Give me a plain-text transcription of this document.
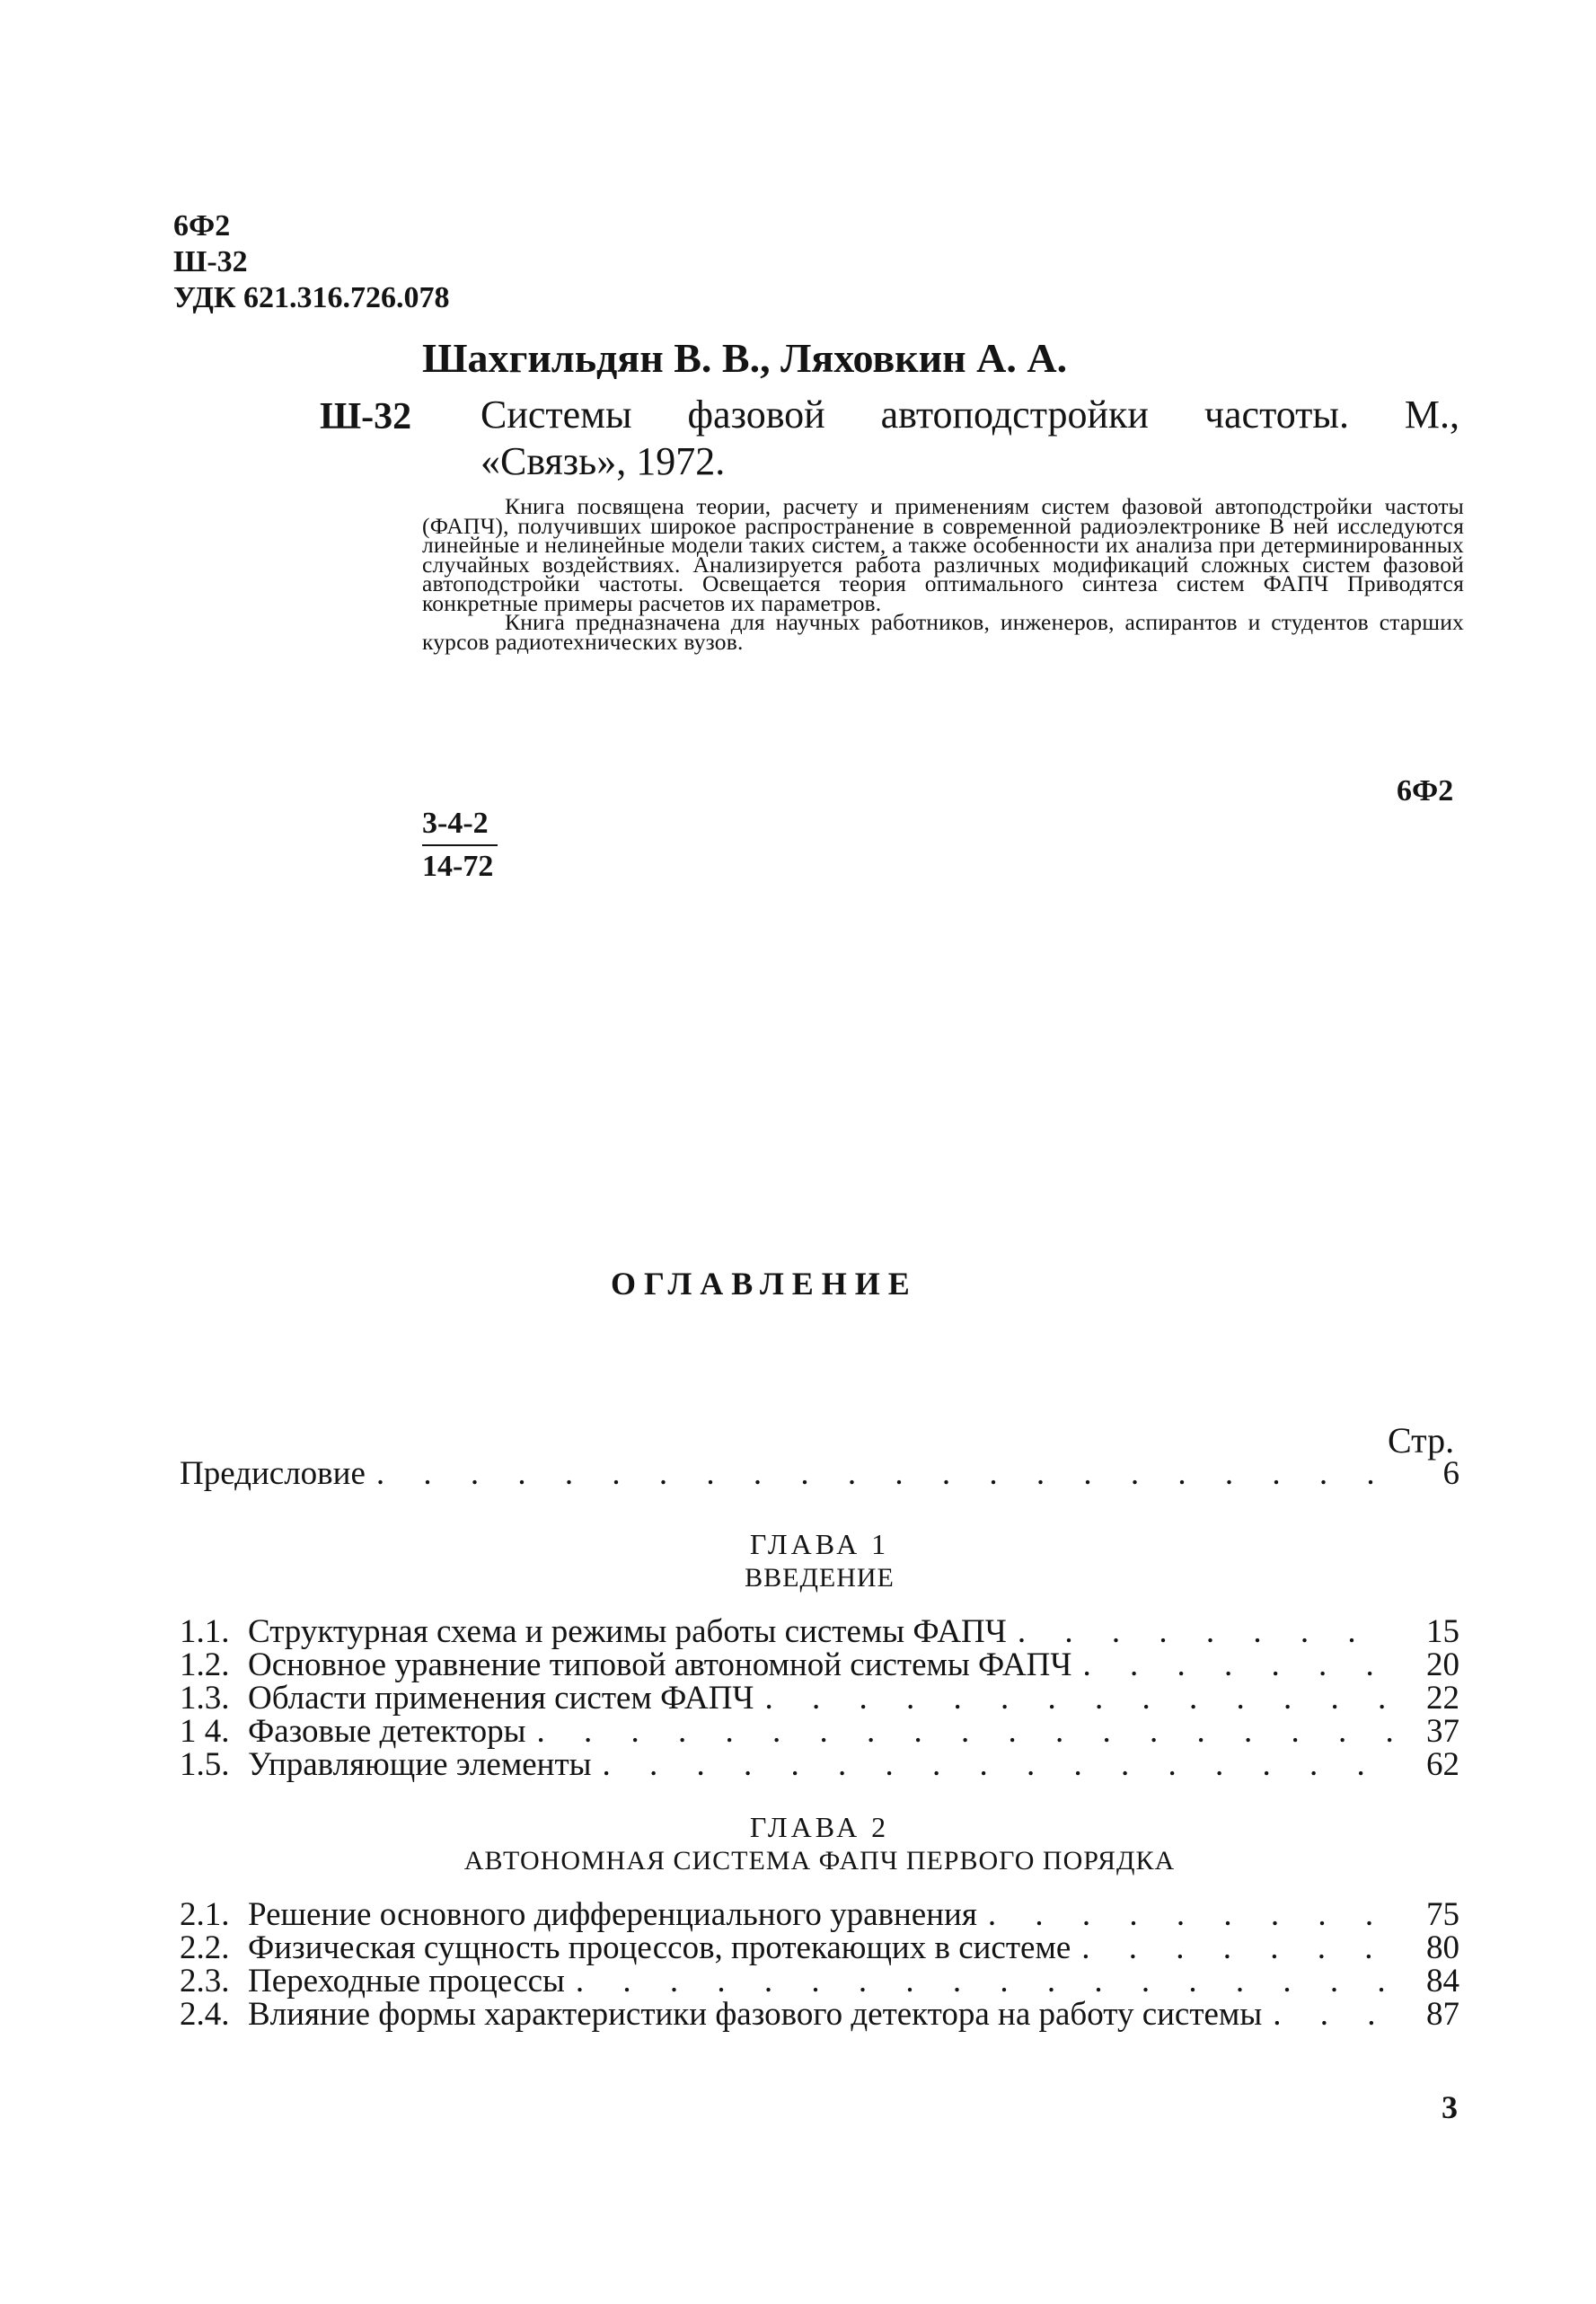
6Ф2
Ш-32
УДК 621.316.726.078
Шахгильдян В. В., Ляховкин А. А.
Ш-32 Системы фазовой автоподстройки частоты. М.,
«Связь», 1972.

Книга посвящена теории, расчету и применениям систем фазовой автоподстройки частоты (ФАПЧ), получивших широкое распространение в современной радиоэлектронике В ней исследуются линейные и нелинейные модели таких систем, а также особенности их анализа при детерминированных случайных воздействиях. Анализируется работа различных модификаций сложных систем фазовой автоподстройки частоты. Освещается теория оптимального синтеза систем ФАПЧ Приводятся конкретные примеры расчетов их параметров.

Книга предназначена для научных работников, инженеров, аспирантов и студентов старших курсов радиотехнических вузов.

6Ф2
$\frac{3-4-2}{14-72}$
ОГЛАВЛЕНИЕ
Стр.
Предисловие . . .	6
ГЛАВА 1
ВВЕДЕНИЕ
1.1. Структурная схема и режимы работы системы ФАПЧ . . .	15
1.2. Основное уравнение типовой автономной системы ФАПЧ . . .	20
1.3. Области применения систем ФАПЧ . . .	22
1 4. Фазовые детекторы . . .	37
1.5. Управляющие элементы . . .	62
ГЛАВА 2
АВТОНОМНАЯ СИСТЕМА ФАПЧ ПЕРВОГО ПОРЯДКА
2.1. Решение основного дифференциального уравнения . . .	75
2.2. Физическая сущность процессов, протекающих в системе . . .	80
2.3. Переходные процессы . . .	84
2.4. Влияние формы характеристики фазового детектора на работу системы . . .	87
3
